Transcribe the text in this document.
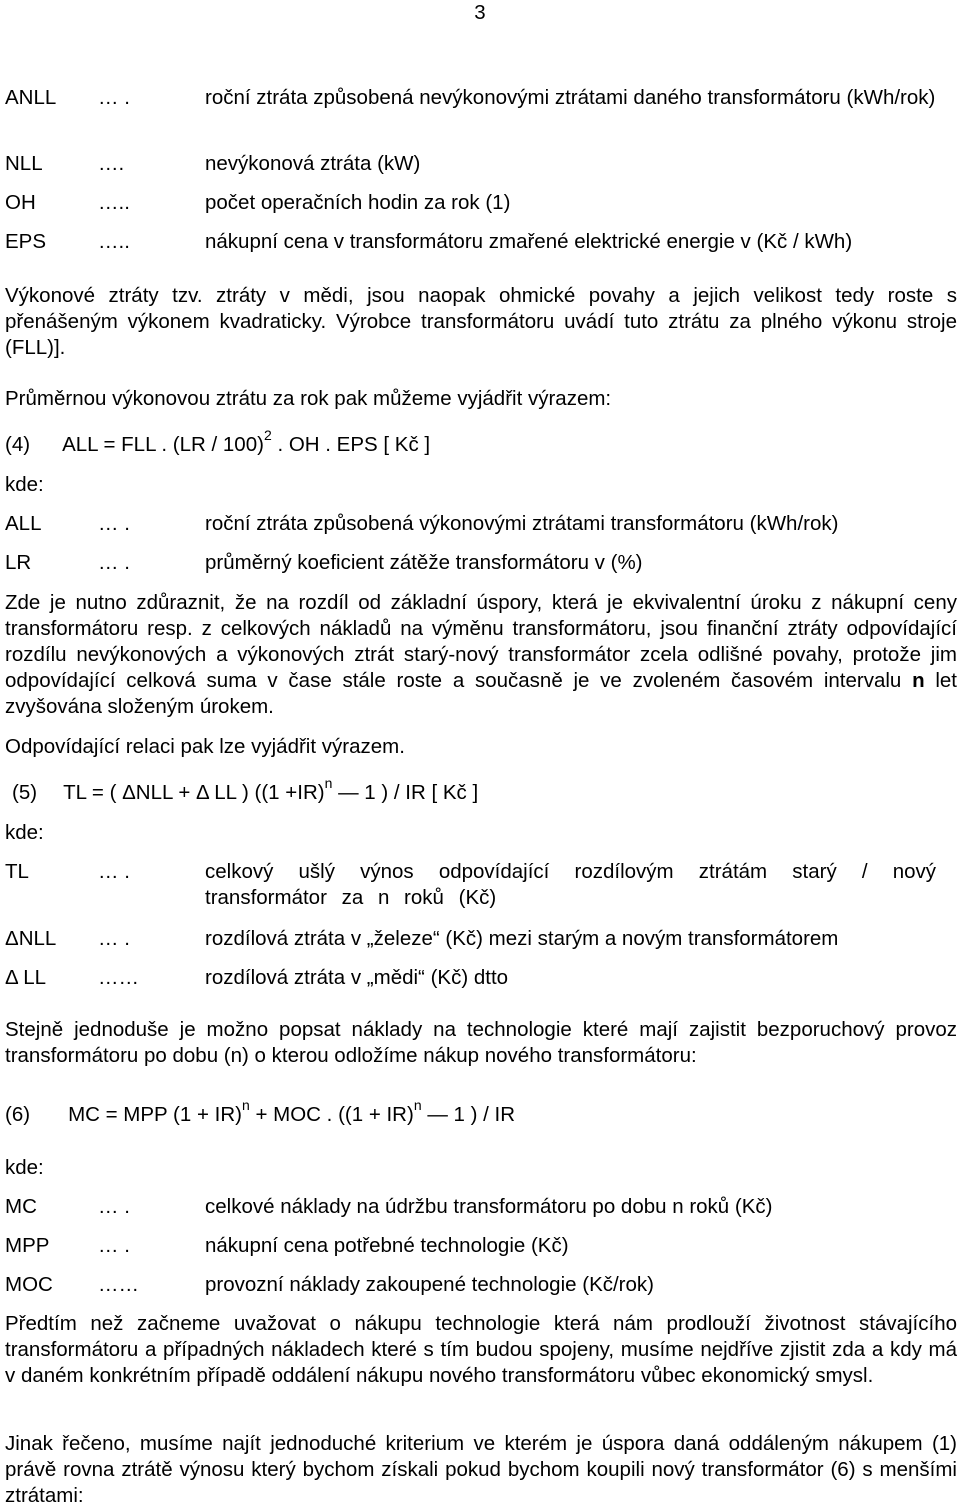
3
ANLL … .	roční ztráta způsobená nevýkonovými ztrátami daného transformátoru (kWh/rok)
NLL	….	nevýkonová ztráta (kW)
OH	…..	počet operačních hodin za rok (1)
EPS	…..	nákupní cena v transformátoru zmařené elektrické energie v (Kč / kWh)

Výkonové ztráty tzv. ztráty v mědi, jsou naopak ohmické povahy a jejich velikost tedy roste s přenášeným výkonem kvadraticky. Výrobce transformátoru uvádí tuto ztrátu za plného výkonu stroje (FLL)].

Průměrnou výkonovou ztrátu za rok pak můžeme vyjádřit výrazem:
(4) ALL = FLL . (LR / 100)$^2$ . OH . EPS [ Kč ]
kde:
ALL	… .	roční ztráta způsobená výkonovými ztrátami transformátoru (kWh/rok)
LR	… .	průměrný koeficient zátěže transformátoru v (%)

Zde je nutno zdůraznit, že na rozdíl od základní úspory, která je ekvivalentní úroku z nákupní ceny transformátoru resp. z celkových nákladů na výměnu transformátoru, jsou finanční ztráty odpovídající rozdílu nevýkonových a výkonových ztrát starý-nový transformátor zcela odlišné povahy, protože jim odpovídající celková suma v čase stále roste a současně je ve zvoleném časovém intervalu n let zvyšována složeným úrokem.

Odpovídající relaci pak lze vyjádřit výrazem.
(5) TL = ( ΔNLL + Δ LL ) ($(1 +IR)^n$ — 1 ) / IR [ Kč ]
kde:
TL	… .	celkový ušlý výnos odpovídající rozdílovým ztrátám starý / nový transformátor za n roků (Kč)
ΔNLL … .	rozdílová ztráta v „železe“ (Kč) mezi starým a novým transformátorem
Δ LL	……	rozdílová ztráta v „mědi“ (Kč) dtto

Stejně jednoduše je možno popsat náklady na technologie které mají zajistit bezporuchový provoz transformátoru po dobu (n) o kterou odložíme nákup nového transformátoru:

(6) MC = MPP (1 + IR)$^n$ + MOC . ((1 + IR)$^n$ — 1 ) / IR
kde:
MC	… .	celkové náklady na údržbu transformátoru po dobu n roků (Kč)
MPP … .	nákupní cena potřebné technologie (Kč)
MOC ……	provozní náklady zakoupené technologie (Kč/rok)

Předtím než začneme uvažovat o nákupu technologie která nám prodlouží životnost stávajícího transformátoru a případných nákladech které s tím budou spojeny, musíme nejdříve zjistit zda a kdy má v daném konkrétním případě oddálení nákupu nového transformátoru vůbec ekonomický smysl.

Jinak řečeno, musíme najít jednoduché kriterium ve kterém je úspora daná oddáleným nákupem (1) právě rovna ztrátě výnosu který bychom získali pokud bychom koupili nový transformátor (6) s menšími ztrátami:
